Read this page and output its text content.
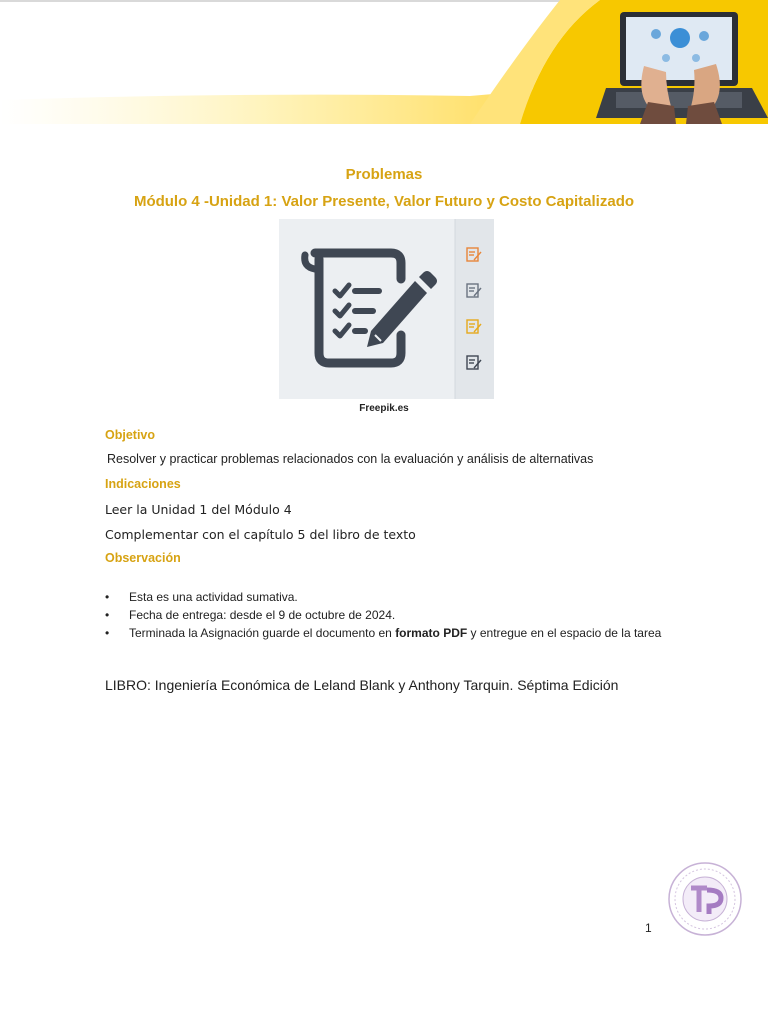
Problemas
Módulo 4 -Unidad 1: Valor Presente, Valor Futuro y Costo Capitalizado
Freepik.es
Objetivo
Resolver y practicar problemas relacionados con la evaluación y análisis de alternativas
Indicaciones
Leer la Unidad 1 del Módulo 4
Complementar con el capítulo 5 del libro de texto
Observación
• Esta es una actividad sumativa.
• Fecha de entrega: desde el 9 de octubre de 2024.
• Terminada la Asignación guarde el documento en formato PDF y entregue en el espacio de la tarea
LIBRO: Ingeniería Económica de Leland Blank y Anthony Tarquin. Séptima Edición
1
